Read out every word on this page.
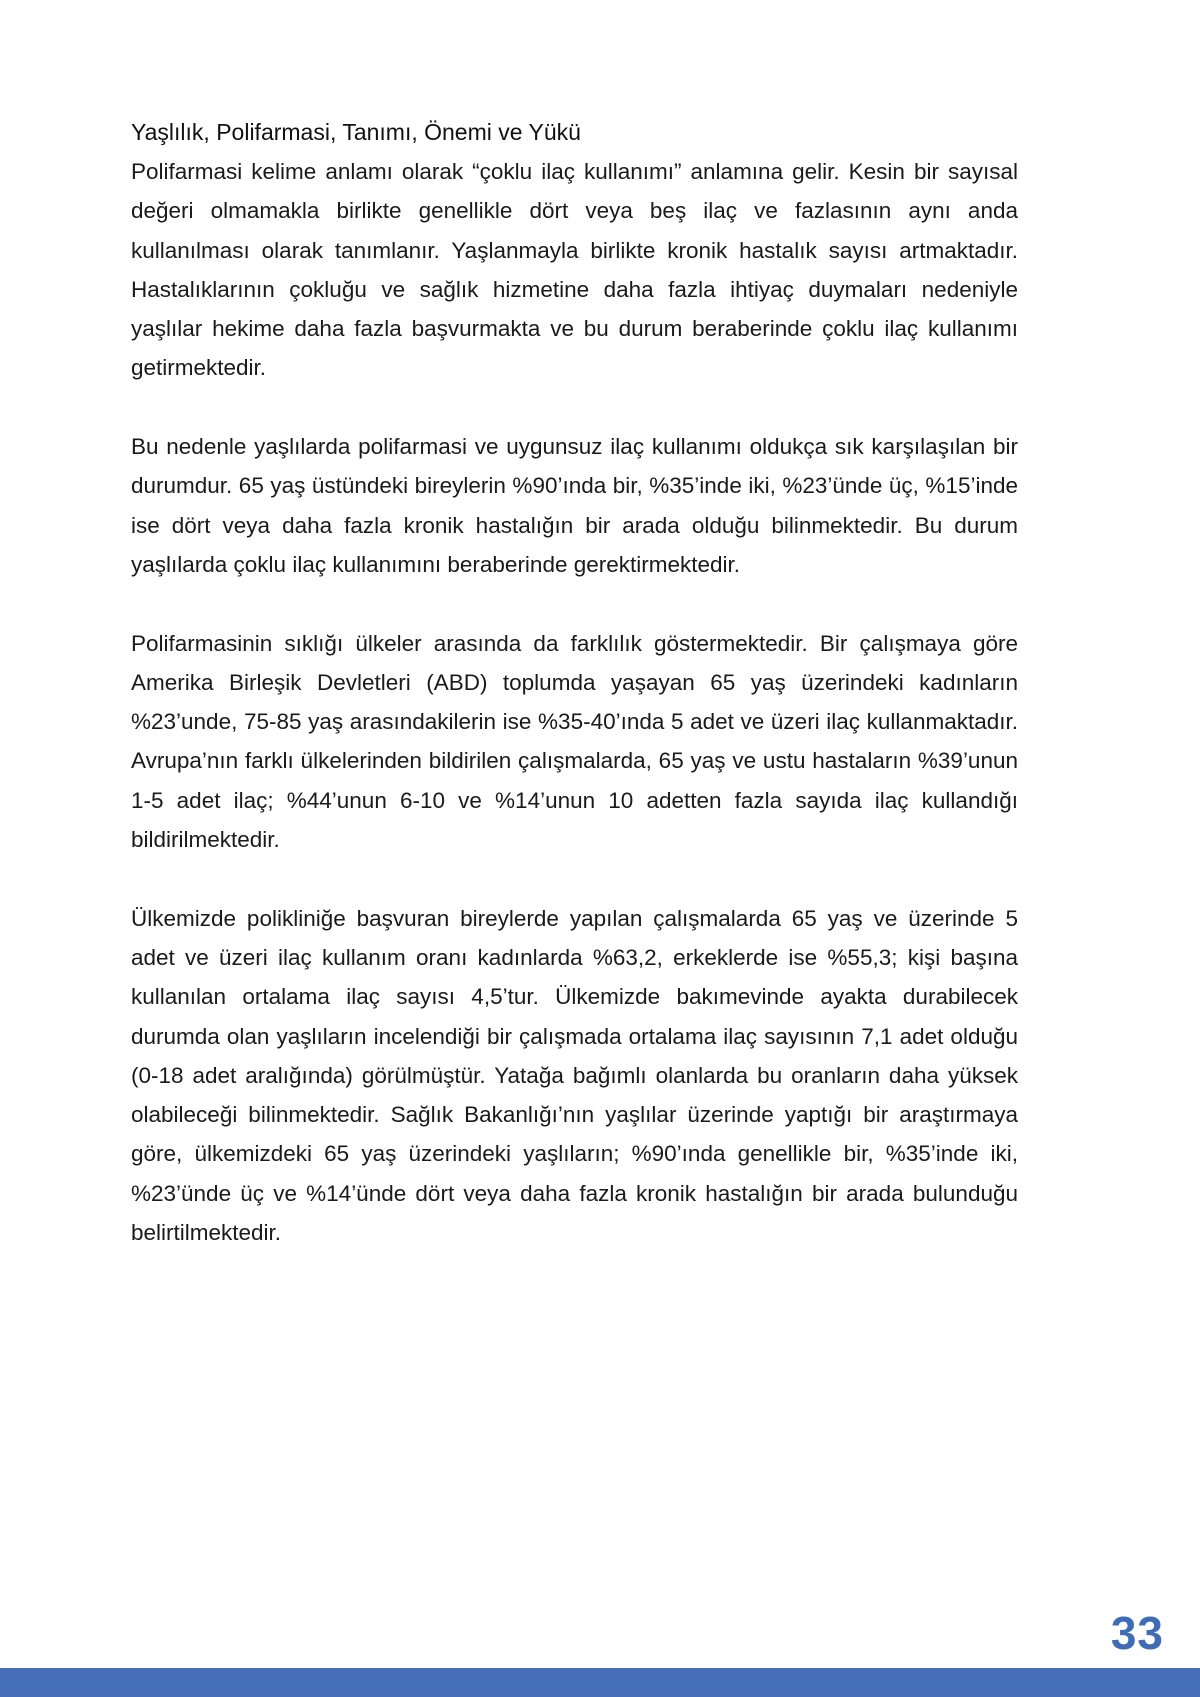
Yaşlılık, Polifarmasi, Tanımı, Önemi ve Yükü

Polifarmasi kelime anlamı olarak “çoklu ilaç kullanımı” anlamına gelir. Kesin bir sayısal değeri olmamakla birlikte genellikle dört veya beş ilaç ve fazlasının aynı anda kullanılması olarak tanımlanır. Yaşlanmayla birlikte kronik hastalık sayısı artmaktadır. Hastalıklarının çokluğu ve sağlık hizmetine daha fazla ihtiyaç duymaları nedeniyle yaşlılar hekime daha fazla başvurmakta ve bu durum beraberinde çoklu ilaç kullanımı getirmektedir.

Bu nedenle yaşlılarda polifarmasi ve uygunsuz ilaç kullanımı oldukça sık karşılaşılan bir durumdur. 65 yaş üstündeki bireylerin %90’ında bir, %35’inde iki, %23’ünde üç, %15’inde ise dört veya daha fazla kronik hastalığın bir arada olduğu bilinmektedir. Bu durum yaşlılarda çoklu ilaç kullanımını beraberinde gerektirmektedir.

Polifarmasinin sıklığı ülkeler arasında da farklılık göstermektedir. Bir çalışmaya göre Amerika Birleşik Devletleri (ABD) toplumda yaşayan 65 yaş üzerindeki kadınların %23’unde, 75-85 yaş arasındakilerin ise %35-40’ında 5 adet ve üzeri ilaç kullanmaktadır. Avrupa’nın farklı ülkelerinden bildirilen çalışmalarda, 65 yaş ve ustu hastaların %39’unun 1-5 adet ilaç; %44’unun 6-10 ve %14’unun 10 adetten fazla sayıda ilaç kullandığı bildirilmektedir.

Ülkemizde polikliniğe başvuran bireylerde yapılan çalışmalarda 65 yaş ve üzerinde 5 adet ve üzeri ilaç kullanım oranı kadınlarda %63,2, erkeklerde ise %55,3; kişi başına kullanılan ortalama ilaç sayısı 4,5’tur. Ülkemizde bakımevinde ayakta durabilecek durumda olan yaşlıların incelendiği bir çalışmada ortalama ilaç sayısının 7,1 adet olduğu (0-18 adet aralığında) görülmüştür. Yatağa bağımlı olanlarda bu oranların daha yüksek olabileceği bilinmektedir. Sağlık Bakanlığı’nın yaşlılar üzerinde yaptığı bir araştırmaya göre, ülkemizdeki 65 yaş üzerindeki yaşlıların; %90’ında genellikle bir, %35’inde iki, %23’ünde üç ve %14’ünde dört veya daha fazla kronik hastalığın bir arada bulunduğu belirtilmektedir.

33
